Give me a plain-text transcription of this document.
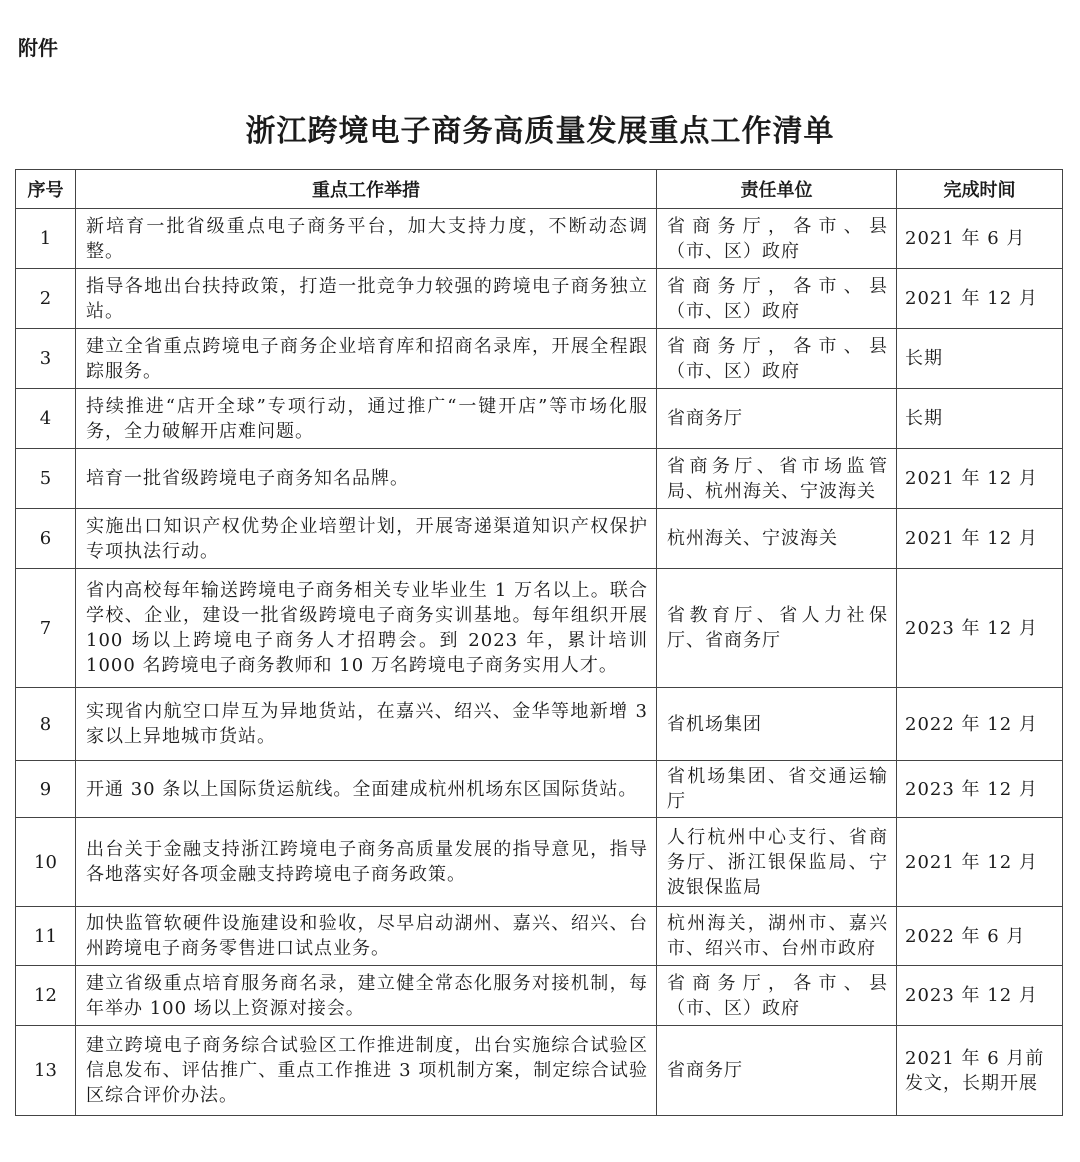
附件
浙江跨境电子商务高质量发展重点工作清单
序号	重点工作举措	责任单位	完成时间
1	新培育一批省级重点电子商务平台，加大支持力度，不断动态调整。	省商务厅，各市、县（市、区）政府	2021 年 6 月
2	指导各地出台扶持政策，打造一批竞争力较强的跨境电子商务独立站。	省商务厅，各市、县（市、区）政府	2021 年 12 月
3	建立全省重点跨境电子商务企业培育库和招商名录库，开展全程跟踪服务。	省商务厅，各市、县（市、区）政府	长期
4	持续推进“店开全球”专项行动，通过推广“一键开店”等市场化服务，全力破解开店难问题。	省商务厅	长期
5	培育一批省级跨境电子商务知名品牌。	省商务厅、省市场监管局、杭州海关、宁波海关	2021 年 12 月
6	实施出口知识产权优势企业培塑计划，开展寄递渠道知识产权保护专项执法行动。	杭州海关、宁波海关	2021 年 12 月
7	省内高校每年输送跨境电子商务相关专业毕业生 1 万名以上。联合学校、企业，建设一批省级跨境电子商务实训基地。每年组织开展 100 场以上跨境电子商务人才招聘会。到 2023 年，累计培训 1000 名跨境电子商务教师和 10 万名跨境电子商务实用人才。	省教育厅、省人力社保厅、省商务厅	2023 年 12 月
8	实现省内航空口岸互为异地货站，在嘉兴、绍兴、金华等地新增 3 家以上异地城市货站。	省机场集团	2022 年 12 月
9	开通 30 条以上国际货运航线。全面建成杭州机场东区国际货站。	省机场集团、省交通运输厅	2023 年 12 月
10	出台关于金融支持浙江跨境电子商务高质量发展的指导意见，指导各地落实好各项金融支持跨境电子商务政策。	人行杭州中心支行、省商务厅、浙江银保监局、宁波银保监局	2021 年 12 月
11	加快监管软硬件设施建设和验收，尽早启动湖州、嘉兴、绍兴、台州跨境电子商务零售进口试点业务。	杭州海关，湖州市、嘉兴市、绍兴市、台州市政府	2022 年 6 月
12	建立省级重点培育服务商名录，建立健全常态化服务对接机制，每年举办 100 场以上资源对接会。	省商务厅，各市、县（市、区）政府	2023 年 12 月
13	建立跨境电子商务综合试验区工作推进制度，出台实施综合试验区信息发布、评估推广、重点工作推进 3 项机制方案，制定综合试验区综合评价办法。	省商务厅	2021 年 6 月前发文，长期开展
